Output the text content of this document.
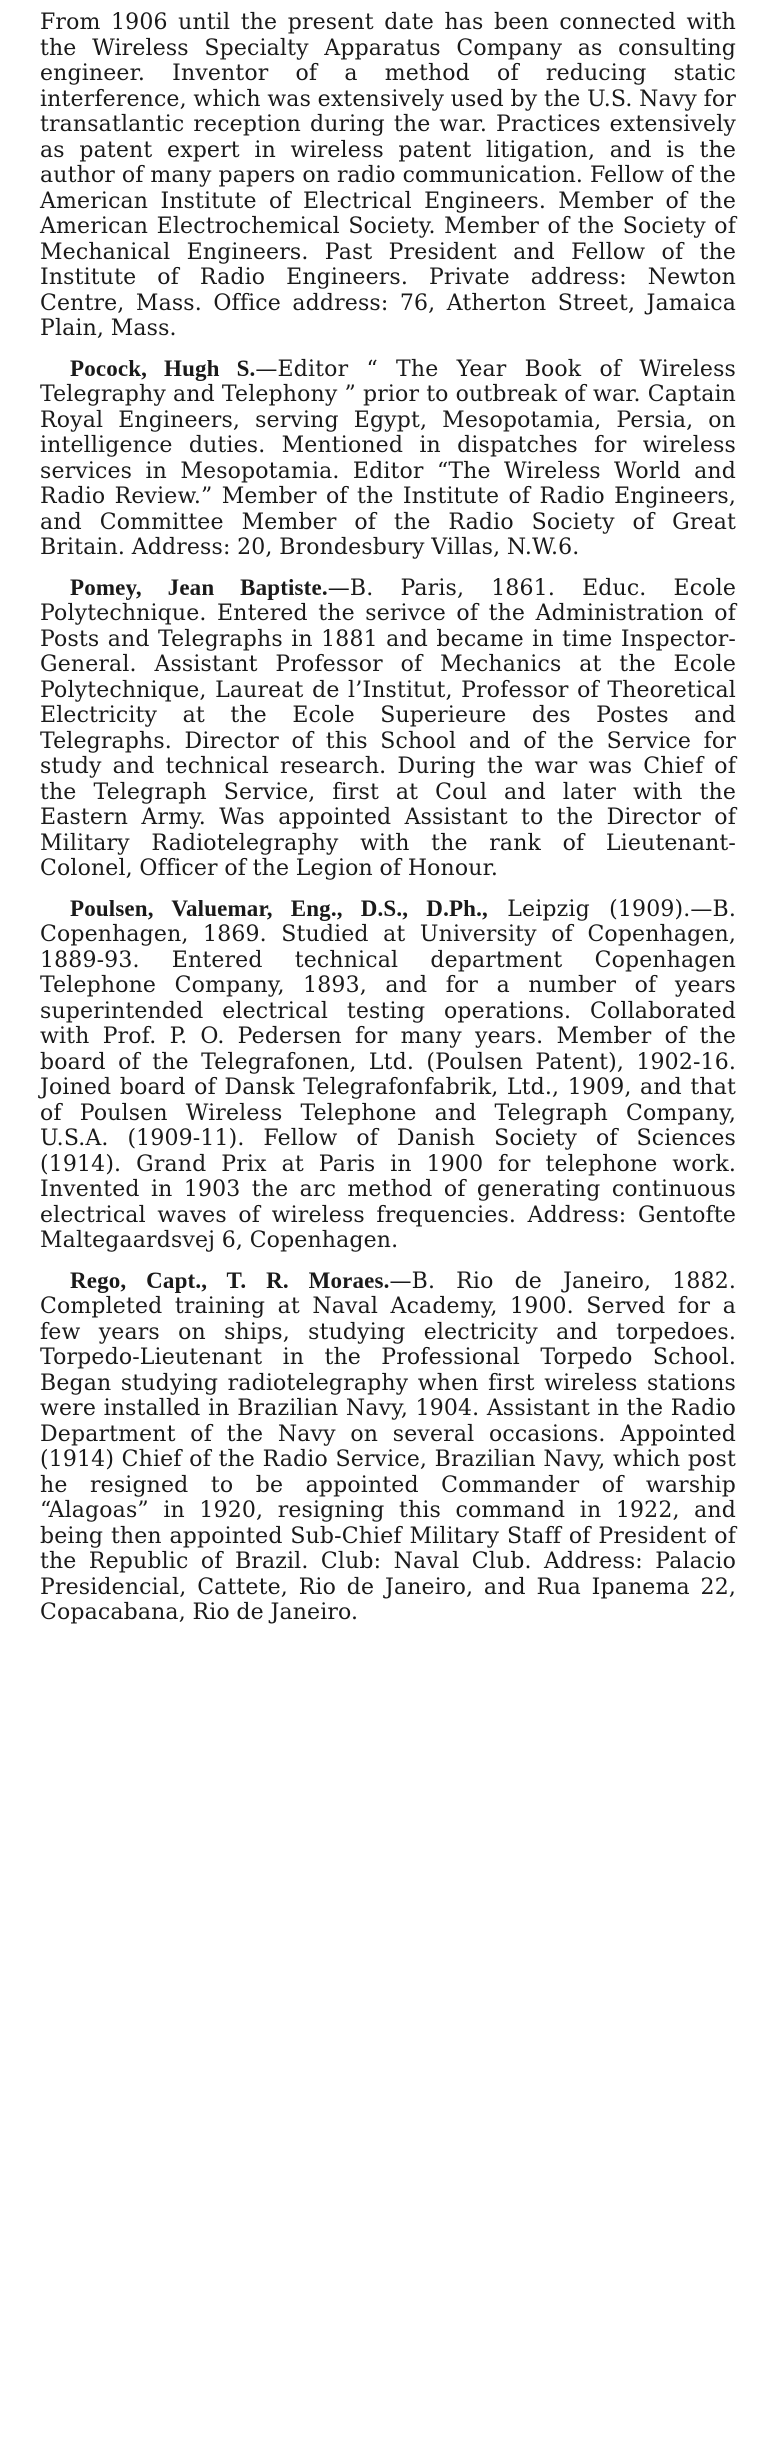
From 1906 until the present date has been connected with the Wireless Specialty Apparatus Company as consulting engineer. Inventor of a method of reducing static interference, which was extensively used by the U.S. Navy for transatlantic reception during the war. Practices extensively as patent expert in wireless patent litigation, and is the author of many papers on radio communication. Fellow of the American Institute of Electrical Engineers. Member of the American Electrochemical Society. Member of the Society of Mechanical Engineers. Past President and Fellow of the Institute of Radio Engineers. Private address: Newton Centre, Mass. Office address: 76, Atherton Street, Jamaica Plain, Mass.

Pocock, Hugh S.—Editor “ The Year Book of Wireless Telegraphy and Telephony ” prior to outbreak of war. Captain Royal Engineers, serving Egypt, Mesopotamia, Persia, on intelligence duties. Mentioned in dispatches for wireless services in Mesopotamia. Editor “The Wireless World and Radio Review.” Member of the Institute of Radio Engineers, and Committee Member of the Radio Society of Great Britain. Address: 20, Brondesbury Villas, N.W.6.

Pomey, Jean Baptiste.—B. Paris, 1861. Educ. Ecole Polytechnique. Entered the serivce of the Administration of Posts and Telegraphs in 1881 and became in time Inspector-General. Assistant Professor of Mechanics at the Ecole Polytechnique, Laureat de l’Institut, Professor of Theoretical Electricity at the Ecole Superieure des Postes and Telegraphs. Director of this School and of the Service for study and technical research. During the war was Chief of the Telegraph Service, first at Coul and later with the Eastern Army. Was appointed Assistant to the Director of Military Radiotelegraphy with the rank of Lieutenant-Colonel, Officer of the Legion of Honour.

Poulsen, Valuemar, Eng., D.S., D.Ph., Leipzig (1909).—B. Copenhagen, 1869. Studied at University of Copenhagen, 1889-93. Entered technical department Copenhagen Telephone Company, 1893, and for a number of years superintended electrical testing operations. Collaborated with Prof. P. O. Pedersen for many years. Member of the board of the Telegrafonen, Ltd. (Poulsen Patent), 1902-16. Joined board of Dansk Telegrafonfabrik, Ltd., 1909, and that of Poulsen Wireless Telephone and Telegraph Company, U.S.A. (1909-11). Fellow of Danish Society of Sciences (1914). Grand Prix at Paris in 1900 for telephone work. Invented in 1903 the arc method of generating continuous electrical waves of wireless frequencies. Address: Gentofte Maltegaardsvej 6, Copenhagen.

Rego, Capt., T. R. Moraes.—B. Rio de Janeiro, 1882. Completed training at Naval Academy, 1900. Served for a few years on ships, studying electricity and torpedoes. Torpedo-Lieutenant in the Professional Torpedo School. Began studying radiotelegraphy when first wireless stations were installed in Brazilian Navy, 1904. Assistant in the Radio Department of the Navy on several occasions. Appointed (1914) Chief of the Radio Service, Brazilian Navy, which post he resigned to be appointed Commander of warship “Alagoas” in 1920, resigning this command in 1922, and being then appointed Sub-Chief Military Staff of President of the Republic of Brazil. Club: Naval Club. Address: Palacio Presidencial, Cattete, Rio de Janeiro, and Rua Ipanema 22, Copacabana, Rio de Janeiro.
